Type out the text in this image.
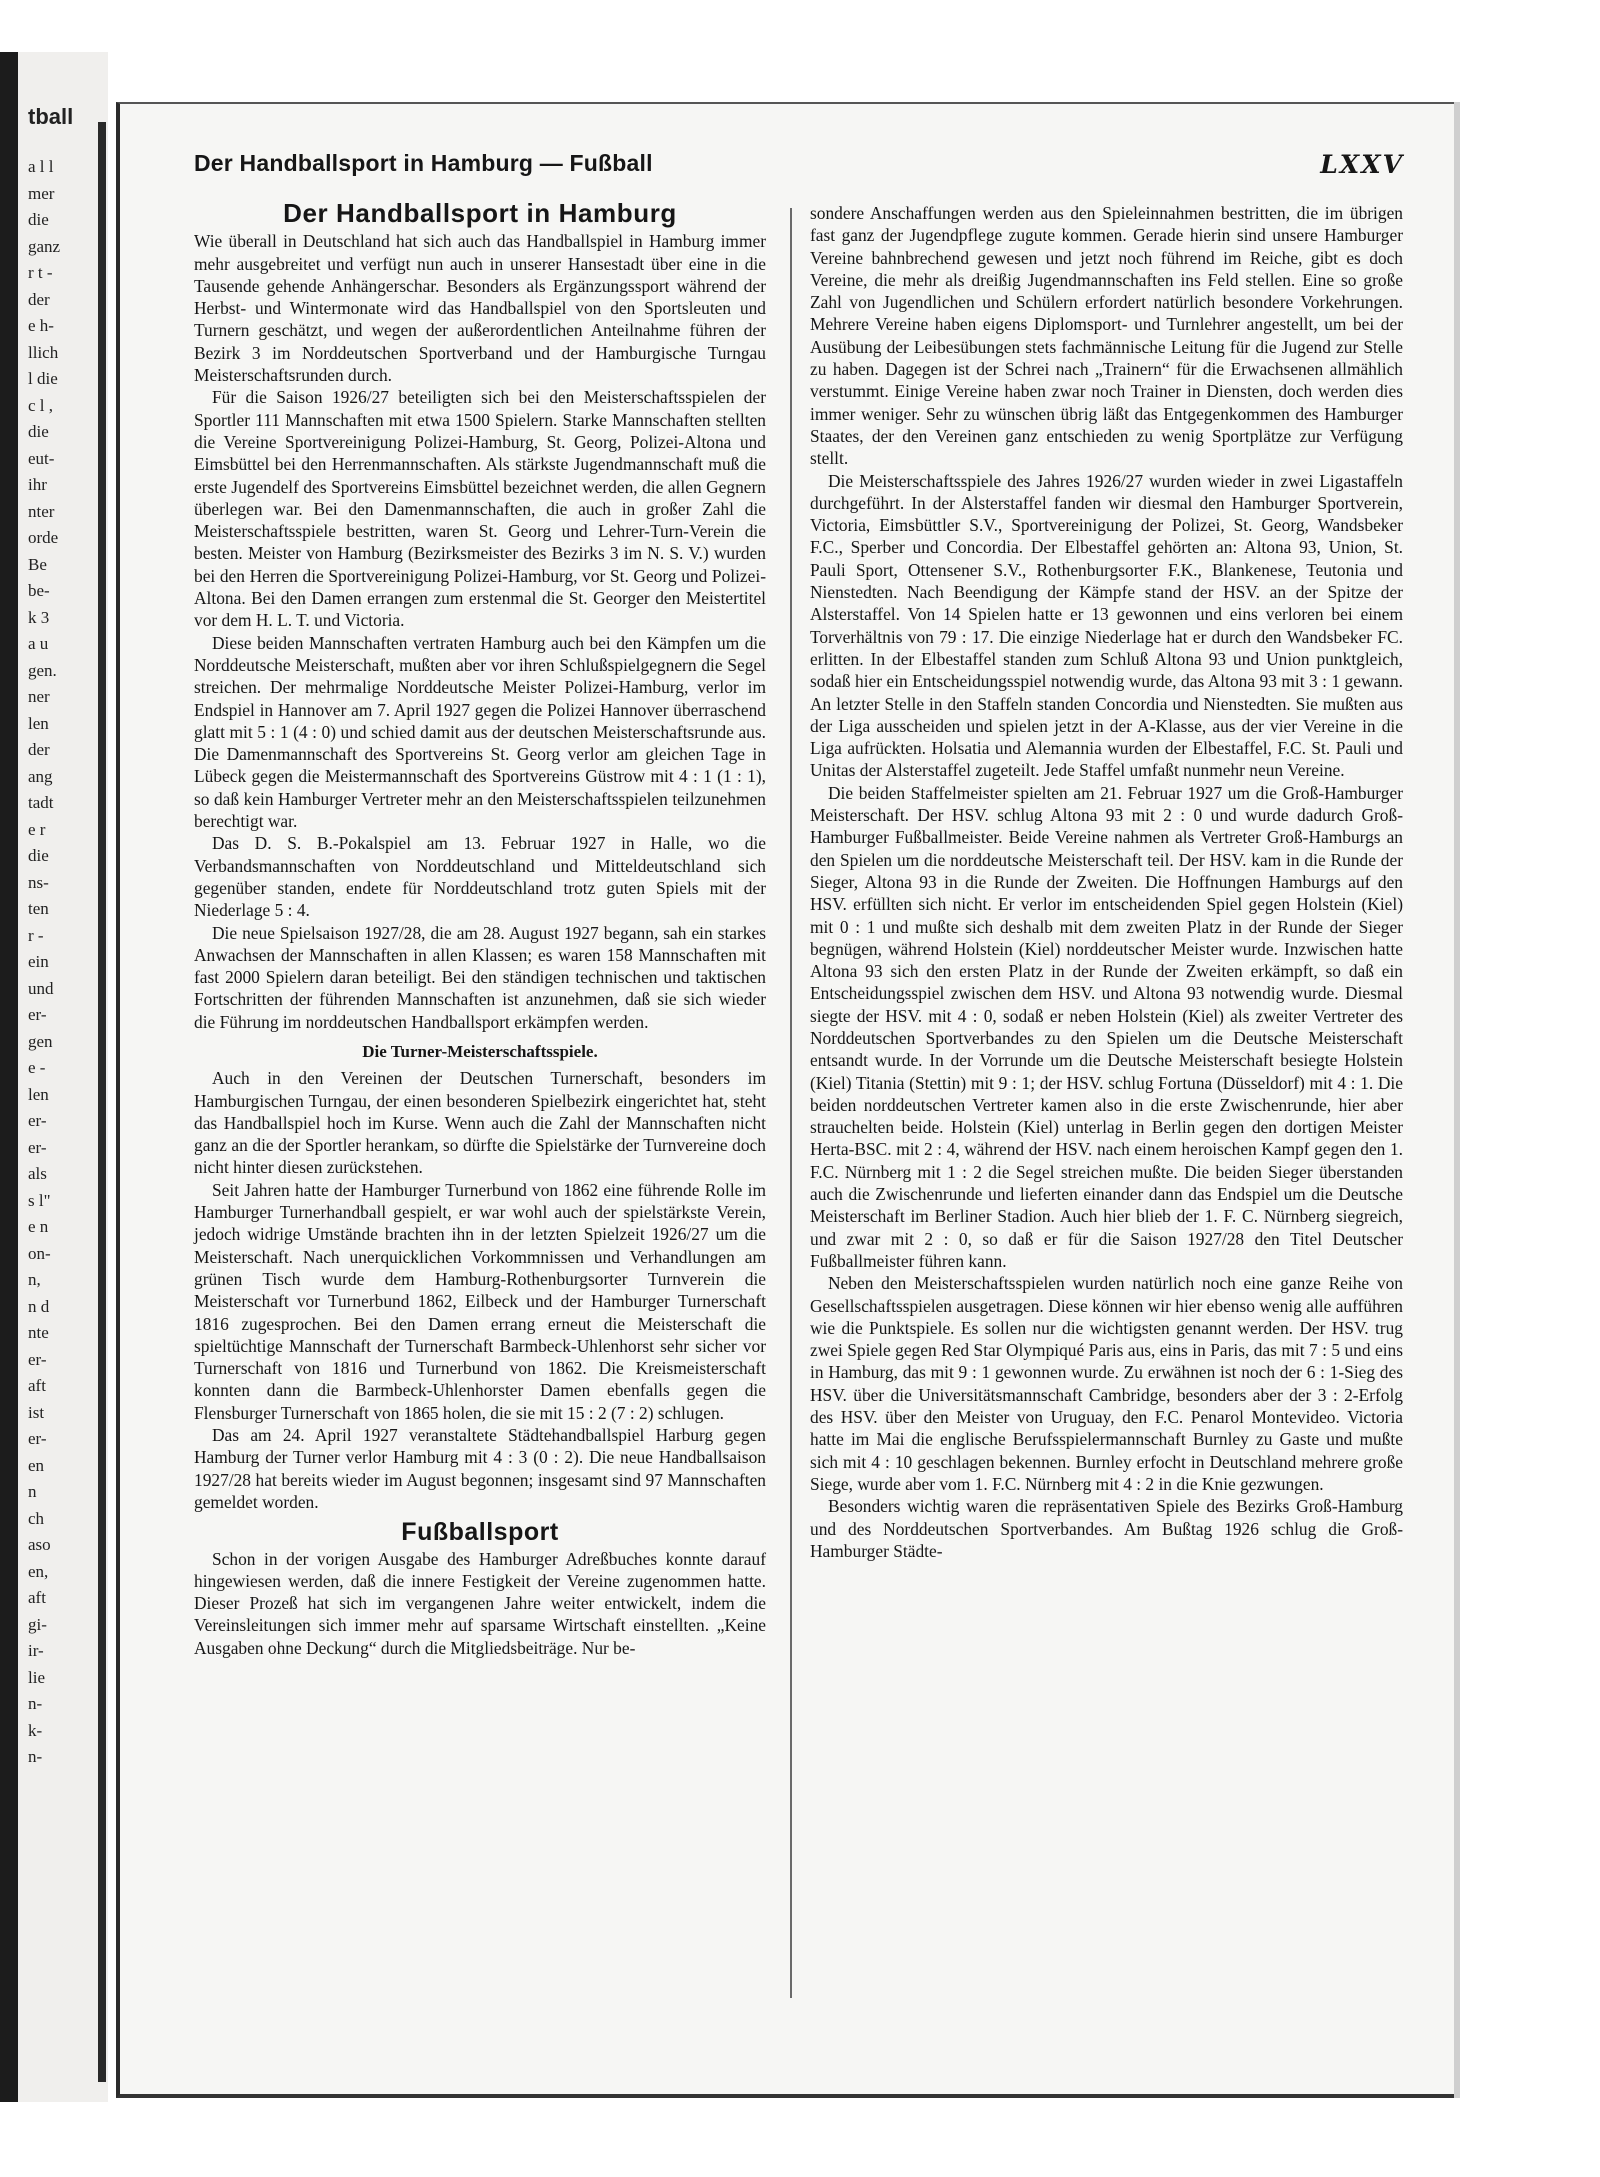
tball
a l l
mer
die
ganz
r t -
der
e h-
llich
l die
c l ,
die
eut-
ihr
nter
orde
Be
be-
k 3
a u
gen.
ner
len
der
ang
tadt
e r
die
ns-
ten
r -
ein
und
er-
gen
e -
len
er-
er-
als
s l"
e n
on-
n,
n d
nte
er-
aft
ist
er-
en
n
ch
aso
en,
aft
gi-
ir-
lie
n-
k-
n-
Der Handballsport in Hamburg — Fußball	LXXV
Der Handballsport in Hamburg

Wie überall in Deutschland hat sich auch das Handballspiel in Hamburg immer mehr ausgebreitet und verfügt nun auch in unserer Hansestadt über eine in die Tausende gehende Anhängerschar. Besonders als Ergänzungssport während der Herbst- und Wintermonate wird das Handballspiel von den Sportsleuten und Turnern geschätzt, und wegen der außerordentlichen Anteilnahme führen der Bezirk 3 im Norddeutschen Sportverband und der Hamburgische Turngau Meisterschaftsrunden durch.

Für die Saison 1926/27 beteiligten sich bei den Meisterschaftsspielen der Sportler 111 Mannschaften mit etwa 1500 Spielern. Starke Mannschaften stellten die Vereine Sportvereinigung Polizei-Hamburg, St. Georg, Polizei-Altona und Eimsbüttel bei den Herrenmannschaften. Als stärkste Jugendmannschaft muß die erste Jugendelf des Sportvereins Eimsbüttel bezeichnet werden, die allen Gegnern überlegen war. Bei den Damenmannschaften, die auch in großer Zahl die Meisterschaftsspiele bestritten, waren St. Georg und Lehrer-Turn-Verein die besten. Meister von Hamburg (Bezirksmeister des Bezirks 3 im N. S. V.) wurden bei den Herren die Sportvereinigung Polizei-Hamburg, vor St. Georg und Polizei-Altona. Bei den Damen errangen zum erstenmal die St. Georger den Meistertitel vor dem H. L. T. und Victoria.

Diese beiden Mannschaften vertraten Hamburg auch bei den Kämpfen um die Norddeutsche Meisterschaft, mußten aber vor ihren Schlußspielgegnern die Segel streichen. Der mehrmalige Norddeutsche Meister Polizei-Hamburg, verlor im Endspiel in Hannover am 7. April 1927 gegen die Polizei Hannover überraschend glatt mit 5 : 1 (4 : 0) und schied damit aus der deutschen Meisterschaftsrunde aus. Die Damenmannschaft des Sportvereins St. Georg verlor am gleichen Tage in Lübeck gegen die Meistermannschaft des Sportvereins Güstrow mit 4 : 1 (1 : 1), so daß kein Hamburger Vertreter mehr an den Meisterschaftsspielen teilzunehmen berechtigt war.

Das D. S. B.-Pokalspiel am 13. Februar 1927 in Halle, wo die Verbandsmannschaften von Norddeutschland und Mitteldeutschland sich gegenüber standen, endete für Norddeutschland trotz guten Spiels mit der Niederlage 5 : 4.

Die neue Spielsaison 1927/28, die am 28. August 1927 begann, sah ein starkes Anwachsen der Mannschaften in allen Klassen; es waren 158 Mannschaften mit fast 2000 Spielern daran beteiligt. Bei den ständigen technischen und taktischen Fortschritten der führenden Mannschaften ist anzunehmen, daß sie sich wieder die Führung im norddeutschen Handballsport erkämpfen werden.

Die Turner-Meisterschaftsspiele.

Auch in den Vereinen der Deutschen Turnerschaft, besonders im Hamburgischen Turngau, der einen besonderen Spielbezirk eingerichtet hat, steht das Handballspiel hoch im Kurse. Wenn auch die Zahl der Mannschaften nicht ganz an die der Sportler herankam, so dürfte die Spielstärke der Turnvereine doch nicht hinter diesen zurückstehen.

Seit Jahren hatte der Hamburger Turnerbund von 1862 eine führende Rolle im Hamburger Turnerhandball gespielt, er war wohl auch der spielstärkste Verein, jedoch widrige Umstände brachten ihn in der letzten Spielzeit 1926/27 um die Meisterschaft. Nach unerquicklichen Vorkommnissen und Verhandlungen am grünen Tisch wurde dem Hamburg-Rothenburgsorter Turnverein die Meisterschaft vor Turnerbund 1862, Eilbeck und der Hamburger Turnerschaft 1816 zugesprochen. Bei den Damen errang erneut die Meisterschaft die spieltüchtige Mannschaft der Turnerschaft Barmbeck-Uhlenhorst sehr sicher vor Turnerschaft von 1816 und Turnerbund von 1862. Die Kreismeisterschaft konnten dann die Barmbeck-Uhlenhorster Damen ebenfalls gegen die Flensburger Turnerschaft von 1865 holen, die sie mit 15 : 2 (7 : 2) schlugen.

Das am 24. April 1927 veranstaltete Städtehandballspiel Harburg gegen Hamburg der Turner verlor Hamburg mit 4 : 3 (0 : 2). Die neue Handballsaison 1927/28 hat bereits wieder im August begonnen; insgesamt sind 97 Mannschaften gemeldet worden.

Fußballsport

Schon in der vorigen Ausgabe des Hamburger Adreßbuches konnte darauf hingewiesen werden, daß die innere Festigkeit der Vereine zugenommen hatte. Dieser Prozeß hat sich im vergangenen Jahre weiter entwickelt, indem die Vereinsleitungen sich immer mehr auf sparsame Wirtschaft einstellten. „Keine Ausgaben ohne Deckung“ durch die Mitgliedsbeiträge. Nur be-

sondere Anschaffungen werden aus den Spieleinnahmen bestritten, die im übrigen fast ganz der Jugendpflege zugute kommen. Gerade hierin sind unsere Hamburger Vereine bahnbrechend gewesen und jetzt noch führend im Reiche, gibt es doch Vereine, die mehr als dreißig Jugendmannschaften ins Feld stellen. Eine so große Zahl von Jugendlichen und Schülern erfordert natürlich besondere Vorkehrungen. Mehrere Vereine haben eigens Diplomsport- und Turnlehrer angestellt, um bei der Ausübung der Leibesübungen stets fachmännische Leitung für die Jugend zur Stelle zu haben. Dagegen ist der Schrei nach „Trainern“ für die Erwachsenen allmählich verstummt. Einige Vereine haben zwar noch Trainer in Diensten, doch werden dies immer weniger. Sehr zu wünschen übrig läßt das Entgegenkommen des Hamburger Staates, der den Vereinen ganz entschieden zu wenig Sportplätze zur Verfügung stellt.

Die Meisterschaftsspiele des Jahres 1926/27 wurden wieder in zwei Ligastaffeln durchgeführt. In der Alsterstaffel fanden wir diesmal den Hamburger Sportverein, Victoria, Eimsbüttler S.V., Sportvereinigung der Polizei, St. Georg, Wandsbeker F.C., Sperber und Concordia. Der Elbestaffel gehörten an: Altona 93, Union, St. Pauli Sport, Ottensener S.V., Rothenburgsorter F.K., Blankenese, Teutonia und Nienstedten. Nach Beendigung der Kämpfe stand der HSV. an der Spitze der Alsterstaffel. Von 14 Spielen hatte er 13 gewonnen und eins verloren bei einem Torverhältnis von 79 : 17. Die einzige Niederlage hat er durch den Wandsbeker FC. erlitten. In der Elbestaffel standen zum Schluß Altona 93 und Union punktgleich, sodaß hier ein Entscheidungsspiel notwendig wurde, das Altona 93 mit 3 : 1 gewann. An letzter Stelle in den Staffeln standen Concordia und Nienstedten. Sie mußten aus der Liga ausscheiden und spielen jetzt in der A-Klasse, aus der vier Vereine in die Liga aufrückten. Holsatia und Alemannia wurden der Elbestaffel, F.C. St. Pauli und Unitas der Alsterstaffel zugeteilt. Jede Staffel umfaßt nunmehr neun Vereine.

Die beiden Staffelmeister spielten am 21. Februar 1927 um die Groß-Hamburger Meisterschaft. Der HSV. schlug Altona 93 mit 2 : 0 und wurde dadurch Groß-Hamburger Fußballmeister. Beide Vereine nahmen als Vertreter Groß-Hamburgs an den Spielen um die norddeutsche Meisterschaft teil. Der HSV. kam in die Runde der Sieger, Altona 93 in die Runde der Zweiten. Die Hoffnungen Hamburgs auf den HSV. erfüllten sich nicht. Er verlor im entscheidenden Spiel gegen Holstein (Kiel) mit 0 : 1 und mußte sich deshalb mit dem zweiten Platz in der Runde der Sieger begnügen, während Holstein (Kiel) norddeutscher Meister wurde. Inzwischen hatte Altona 93 sich den ersten Platz in der Runde der Zweiten erkämpft, so daß ein Entscheidungsspiel zwischen dem HSV. und Altona 93 notwendig wurde. Diesmal siegte der HSV. mit 4 : 0, sodaß er neben Holstein (Kiel) als zweiter Vertreter des Norddeutschen Sportverbandes zu den Spielen um die Deutsche Meisterschaft entsandt wurde. In der Vorrunde um die Deutsche Meisterschaft besiegte Holstein (Kiel) Titania (Stettin) mit 9 : 1; der HSV. schlug Fortuna (Düsseldorf) mit 4 : 1. Die beiden norddeutschen Vertreter kamen also in die erste Zwischenrunde, hier aber strauchelten beide. Holstein (Kiel) unterlag in Berlin gegen den dortigen Meister Herta-BSC. mit 2 : 4, während der HSV. nach einem heroischen Kampf gegen den 1. F.C. Nürnberg mit 1 : 2 die Segel streichen mußte. Die beiden Sieger überstanden auch die Zwischenrunde und lieferten einander dann das Endspiel um die Deutsche Meisterschaft im Berliner Stadion. Auch hier blieb der 1. F. C. Nürnberg siegreich, und zwar mit 2 : 0, so daß er für die Saison 1927/28 den Titel Deutscher Fußballmeister führen kann.

Neben den Meisterschaftsspielen wurden natürlich noch eine ganze Reihe von Gesellschaftsspielen ausgetragen. Diese können wir hier ebenso wenig alle aufführen wie die Punktspiele. Es sollen nur die wichtigsten genannt werden. Der HSV. trug zwei Spiele gegen Red Star Olympiqué Paris aus, eins in Paris, das mit 7 : 5 und eins in Hamburg, das mit 9 : 1 gewonnen wurde. Zu erwähnen ist noch der 6 : 1-Sieg des HSV. über die Universitätsmannschaft Cambridge, besonders aber der 3 : 2-Erfolg des HSV. über den Meister von Uruguay, den F.C. Penarol Montevideo. Victoria hatte im Mai die englische Berufsspielermannschaft Burnley zu Gaste und mußte sich mit 4 : 10 geschlagen bekennen. Burnley erfocht in Deutschland mehrere große Siege, wurde aber vom 1. F.C. Nürnberg mit 4 : 2 in die Knie gezwungen.

Besonders wichtig waren die repräsentativen Spiele des Bezirks Groß-Hamburg und des Norddeutschen Sportverbandes. Am Bußtag 1926 schlug die Groß-Hamburger Städte-
